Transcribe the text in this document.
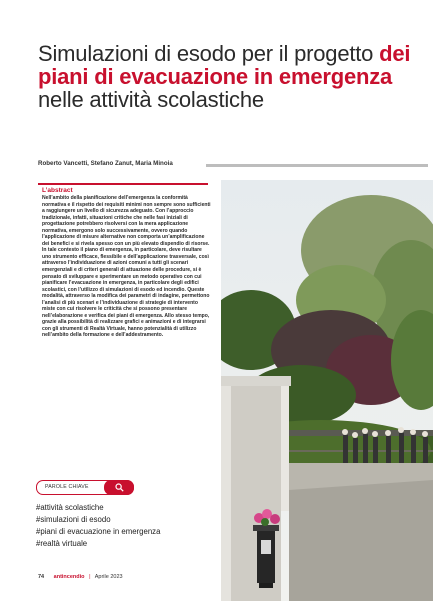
Simulazioni di esodo per il progetto dei piani di evacuazione in emergenza nelle attività scolastiche
Roberto Vancetti, Stefano Zanut, Maria Minoia
L’abstract

Nell’ambito della pianificazione dell’emergenza la conformità normativa e il rispetto dei requisiti minimi non sempre sono sufficienti a raggiungere un livello di sicurezza adeguato. Con l’approccio tradizionale, infatti, situazioni critiche che nelle fasi iniziali di progettazione potrebbero risolversi con la mera applicazione normativa, emergono solo successivamente, ovvero quando l’applicazione di misure alternative non comporta un’amplificazione dei benefici e si rivela spesso con un più elevato dispendio di risorse. In tale contesto il piano di emergenza, in particolare, deve risultare uno strumento efficace, flessibile e dell’applicazione trasversale, così attraverso l’individuazione di azioni comuni a tutti gli scenari emergenziali e di criteri generali di attuazione delle procedure, si è pensato di sviluppare e sperimentare un metodo operativo con cui pianificare l’evacuazione in emergenza, in particolare degli edifici scolastici, con l’utilizzo di simulazioni di esodo ed incendio. Queste modalità, attraverso la modifica dei parametri di indagine, permettono l’analisi di più scenari e l’individuazione di strategie di intervento miste con cui risolvere le criticità che si possono presentare nell’elaborazione e verifica dei piani di emergenza. Allo stesso tempo, grazie alla possibilità di realizzare grafici e animazioni e di integrarsi con gli strumenti di Realtà Virtuale, hanno potenzialità di utilizzo nell’ambito della formazione e dell’addestramento.

PAROLE CHIAVE
#attività scolastiche
#simulazioni di esodo
#piani di evacuazione in emergenza
#realtà virtuale
74 antincendio | Aprile 2023
